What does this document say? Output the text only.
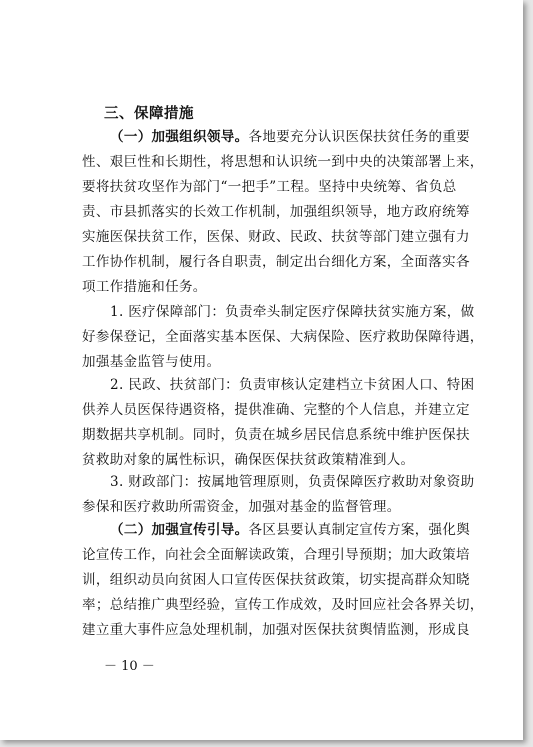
三、保障措施
（一）加强组织领导。各地要充分认识医保扶贫任务的重要
性、艰巨性和长期性，将思想和认识统一到中央的决策部署上来，
要将扶贫攻坚作为部门“一把手”工程。坚持中央统筹、省负总
责、市县抓落实的长效工作机制，加强组织领导，地方政府统筹
实施医保扶贫工作，医保、财政、民政、扶贫等部门建立强有力
工作协作机制，履行各自职责，制定出台细化方案，全面落实各
项工作措施和任务。
1. 医疗保障部门：负责牵头制定医疗保障扶贫实施方案，做
好参保登记，全面落实基本医保、大病保险、医疗救助保障待遇，
加强基金监管与使用。
2. 民政、扶贫部门：负责审核认定建档立卡贫困人口、特困
供养人员医保待遇资格，提供准确、完整的个人信息，并建立定
期数据共享机制。同时，负责在城乡居民信息系统中维护医保扶
贫救助对象的属性标识，确保医保扶贫政策精准到人。
3. 财政部门：按属地管理原则，负责保障医疗救助对象资助
参保和医疗救助所需资金，加强对基金的监督管理。
（二）加强宣传引导。各区县要认真制定宣传方案，强化舆
论宣传工作，向社会全面解读政策，合理引导预期；加大政策培
训，组织动员向贫困人口宣传医保扶贫政策，切实提高群众知晓
率；总结推广典型经验，宣传工作成效，及时回应社会各界关切，
建立重大事件应急处理机制，加强对医保扶贫舆情监测，形成良
－ 10 －
